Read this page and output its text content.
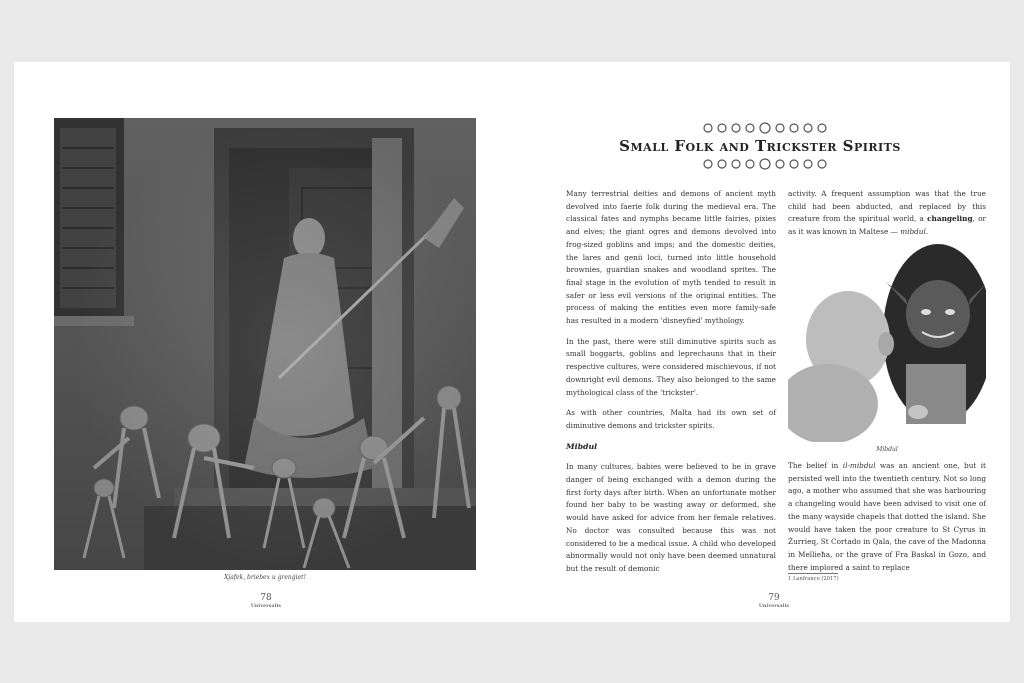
Xjafek, briebex u ġrenġiet!
78
Universalis
Small Folk and Trickster Spirits

Many terrestrial deities and demons of ancient myth devolved into faerie folk during the medieval era. The classical fates and nymphs became little fairies, pixies and elves; the giant ogres and demons devolved into frog-sized goblins and imps; and the domestic deities, the lares and genii loci, turned into little household brownies, guardian snakes and woodland sprites. The final stage in the evolution of myth tended to result in safer or less evil versions of the original entities. The process of making the entities even more family-safe has resulted in a modern 'disneyfied' mythology.

In the past, there were still diminutive spirits such as small boggarts, goblins and leprechauns that in their respective cultures, were considered mischievous, if not downright evil demons. They also belonged to the same mythological class of the 'trickster'.

As with other countries, Malta had its own set of diminutive demons and trickster spirits.

Mibdul

In many cultures, babies were believed to be in grave danger of being exchanged with a demon during the first forty days after birth. When an unfortunate mother found her baby to be wasting away or deformed, she would have asked for advice from her female relatives. No doctor was consulted because this was not considered to be a medical issue. A child who developed abnormally would not only have been deemed unnatural but the result of demonic

activity. A frequent assumption was that the true child had been abducted, and replaced by this creature from the spiritual world, a changeling, or as it was known in Maltese — mibdul.

Mibdul

The belief in il-mibdul was an ancient one, but it persisted well into the twentieth century. Not so long ago, a mother who assumed that she was harbouring a changeling would have been advised to visit one of the many wayside chapels that dotted the island. She would have taken the poor creature to St Cyrus in Żurrieq, St Cortado in Qala, the cave of the Madonna in Mellieħa, or the grave of Fra Baskal in Gozo, and there implored a saint to replace

1 Lanfranco (2017)
79
Universalis
